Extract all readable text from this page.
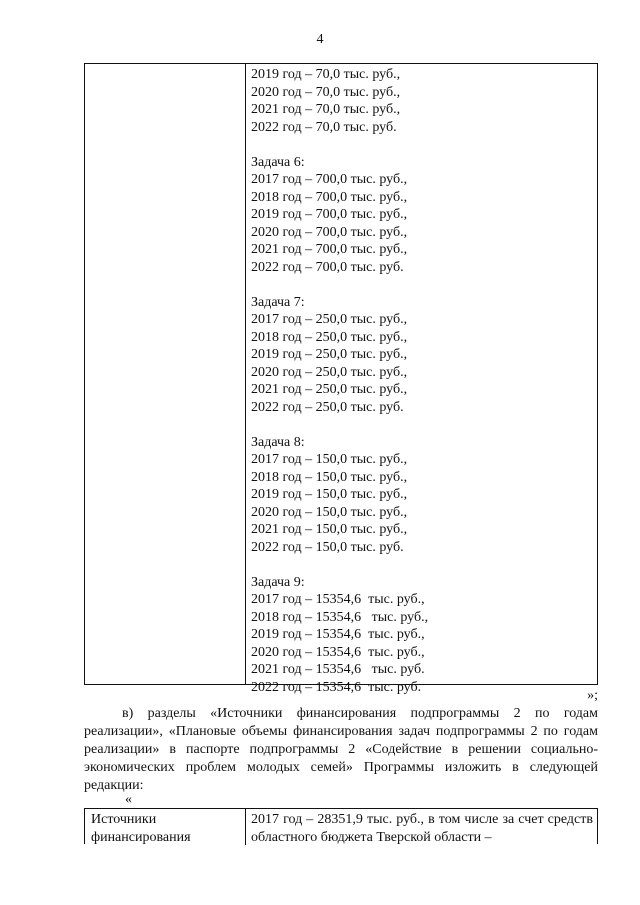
4
2019 год – 70,0 тыс. руб.,
2020 год – 70,0 тыс. руб.,
2021 год – 70,0 тыс. руб.,
2022 год – 70,0 тыс. руб.
Задача 6:
2017 год – 700,0 тыс. руб.,
2018 год – 700,0 тыс. руб.,
2019 год – 700,0 тыс. руб.,
2020 год – 700,0 тыс. руб.,
2021 год – 700,0 тыс. руб.,
2022 год – 700,0 тыс. руб.
Задача 7:
2017 год – 250,0 тыс. руб.,
2018 год – 250,0 тыс. руб.,
2019 год – 250,0 тыс. руб.,
2020 год – 250,0 тыс. руб.,
2021 год – 250,0 тыс. руб.,
2022 год – 250,0 тыс. руб.
Задача 8:
2017 год – 150,0 тыс. руб.,
2018 год – 150,0 тыс. руб.,
2019 год – 150,0 тыс. руб.,
2020 год – 150,0 тыс. руб.,
2021 год – 150,0 тыс. руб.,
2022 год – 150,0 тыс. руб.
Задача 9:
2017 год – 15354,6  тыс. руб.,
2018 год – 15354,6   тыс. руб.,
2019 год – 15354,6  тыс. руб.,
2020 год – 15354,6  тыс. руб.,
2021 год – 15354,6   тыс. руб.
2022 год – 15354,6  тыс. руб.
»;
в) разделы «Источники финансирования подпрограммы 2 по годам реализации», «Плановые объемы финансирования задач подпрограммы 2 по годам реализации» в паспорте подпрограммы 2 «Содействие в решении социально-экономических проблем молодых семей» Программы изложить в следующей редакции:
«
Источники финансирования
2017 год – 28351,9 тыс. руб., в том числе за счет средств областного бюджета Тверской области –
